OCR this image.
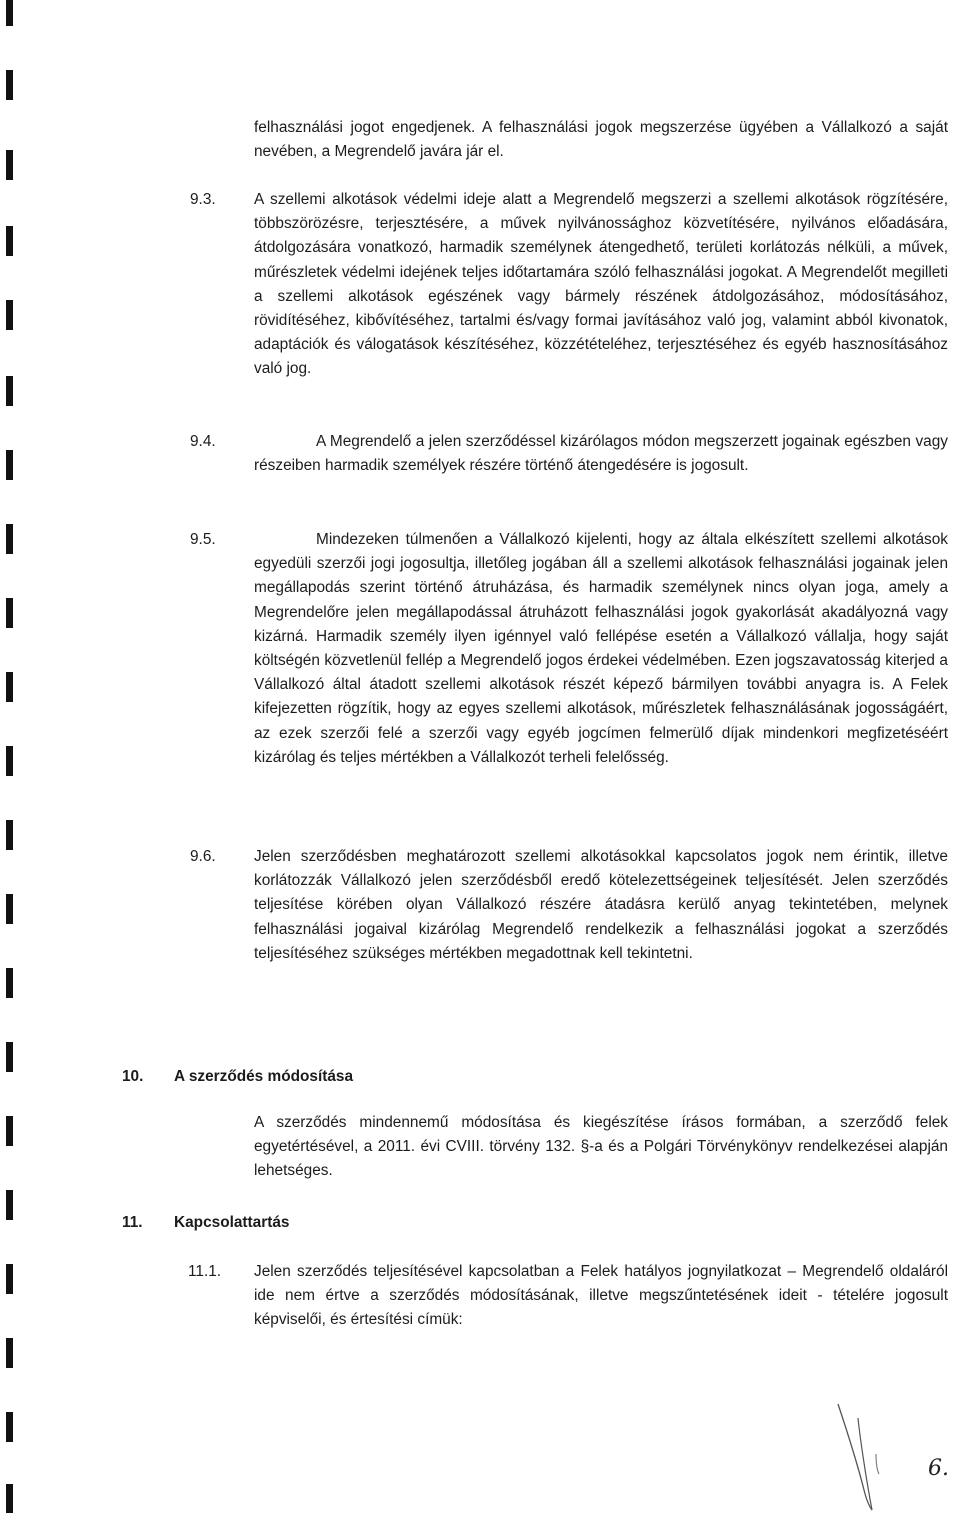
felhasználási jogot engedjenek. A felhasználási jogok megszerzése ügyében a Vállalkozó a saját nevében, a Megrendelő javára jár el.

9.3. A szellemi alkotások védelmi ideje alatt a Megrendelő megszerzi a szellemi alkotások rögzítésére, többszörözésre, terjesztésére, a művek nyilvánossághoz közvetítésére, nyilvános előadására, átdolgozására vonatkozó, harmadik személynek átengedhető, területi korlátozás nélküli, a művek, műrészletek védelmi idejének teljes időtartamára szóló felhasználási jogokat. A Megrendelőt megilleti a szellemi alkotások egészének vagy bármely részének átdolgozásához, módosításához, rövidítéséhez, kibővítéséhez, tartalmi és/vagy formai javításához való jog, valamint abból kivonatok, adaptációk és válogatások készítéséhez, közzétételéhez, terjesztéséhez és egyéb hasznosításához való jog.

9.4.	A Megrendelő a jelen szerződéssel kizárólagos módon megszerzett jogainak egészben vagy részeiben harmadik személyek részére történő átengedésére is jogosult.

9.5.	Mindezeken túlmenően a Vállalkozó kijelenti, hogy az általa elkészített szellemi alkotások egyedüli szerzői jogi jogosultja, illetőleg jogában áll a szellemi alkotások felhasználási jogainak jelen megállapodás szerint történő átruházása, és harmadik személynek nincs olyan joga, amely a Megrendelőre jelen megállapodással átruházott felhasználási jogok gyakorlását akadályozná vagy kizárná. Harmadik személy ilyen igénnyel való fellépése esetén a Vállalkozó vállalja, hogy saját költségén közvetlenül fellép a Megrendelő jogos érdekei védelmében. Ezen jogszavatosság kiterjed a Vállalkozó által átadott szellemi alkotások részét képező bármilyen további anyagra is. A Felek kifejezetten rögzítik, hogy az egyes szellemi alkotások, műrészletek felhasználásának jogosságáért, az ezek szerzői felé a szerzői vagy egyéb jogcímen felmerülő díjak mindenkori megfizetéséért kizárólag és teljes mértékben a Vállalkozót terheli felelősség.

9.6. Jelen szerződésben meghatározott szellemi alkotásokkal kapcsolatos jogok nem érintik, illetve korlátozzák Vállalkozó jelen szerződésből eredő kötelezettségeinek teljesítését. Jelen szerződés teljesítése körében olyan Vállalkozó részére átadásra kerülő anyag tekintetében, melynek felhasználási jogaival kizárólag Megrendelő rendelkezik a felhasználási jogokat a szerződés teljesítéséhez szükséges mértékben megadottnak kell tekintetni.

10. A szerződés módosítása

A szerződés mindennemű módosítása és kiegészítése írásos formában, a szerződő felek egyetértésével, a 2011. évi CVIII. törvény 132. §-a és a Polgári Törvénykönyv rendelkezései alapján lehetséges.

11. Kapcsolattartás

11.1. Jelen szerződés teljesítésével kapcsolatban a Felek hatályos jognyilatkozat – Megrendelő oldaláról ide nem értve a szerződés módosításának, illetve megszűntetésének ideit - tételére jogosult képviselői, és értesítési címük:

6.
